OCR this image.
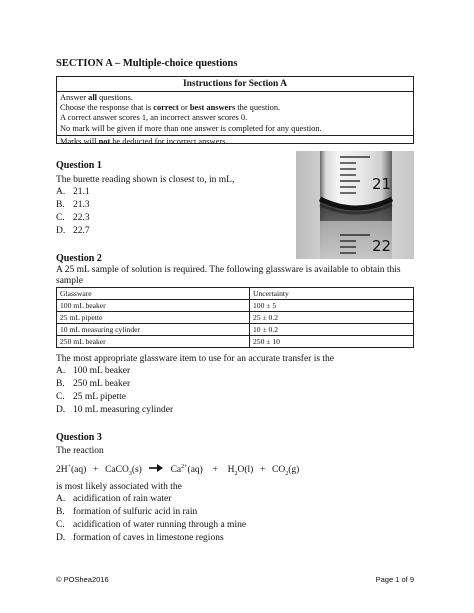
SECTION A – Multiple-choice questions
Instructions for Section A
Answer all questions.
Choose the response that is correct or best answers the question.
A correct answer scores 1, an incorrect answer scores 0.
No mark will be given if more than one answer is completed for any question.
Marks will not be deducted for incorrect answers.
Question 1
The burette reading shown is closest to, in mL,
A. 21.1
B. 21.3
C. 22.3
D. 22.7
21
22
Question 2
A 25 mL sample of solution is required. The following glassware is available to obtain this
sample
Glassware	Uncertainty
100 mL beaker	100 ± 5
25 mL pipette	25 ± 0.2
10 mL measuring cylinder	10 ± 0.2
250 mL beaker	250 ± 10
The most appropriate glassware item to use for an accurate transfer is the
A. 100 mL beaker
B. 250 mL beaker
C. 25 mL pipette
D. 10 mL measuring cylinder
Question 3
The reaction
2H+(aq) + CaCO$_3$(s)	$Ca^{2+}(aq) + H_2O(l) + CO_2(g)$
is most likely associated with the
A. acidification of rain water
B. formation of sulfuric acid in rain
C. acidification of water running through a mine
D. formation of caves in limestone regions
© POShea2016	Page 1 of 9
